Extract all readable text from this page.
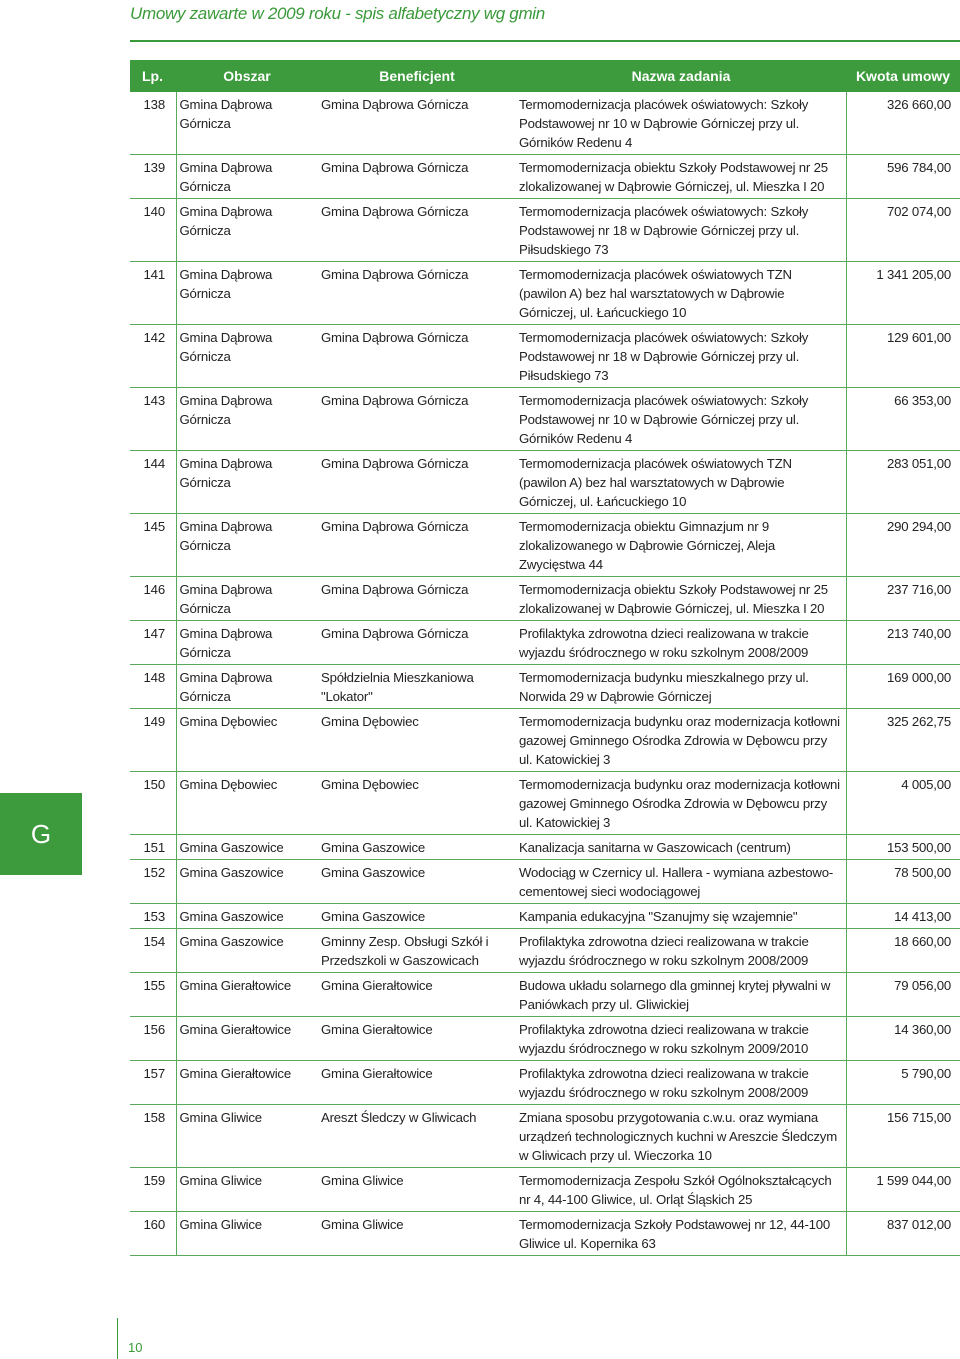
Umowy zawarte w 2009 roku - spis alfabetyczny wg gmin
Lp.	Obszar	Beneficjent	Nazwa zadania	Kwota umowy
138	Gmina Dąbrowa Górnicza	Gmina Dąbrowa Górnicza	Termomodernizacja placówek oświatowych: Szkoły Podstawowej nr 10 w Dąbrowie Górniczej przy ul. Górników Redenu 4	326 660,00
139	Gmina Dąbrowa Górnicza	Gmina Dąbrowa Górnicza	Termomodernizacja obiektu Szkoły Podstawowej nr 25 zlokalizowanej w Dąbrowie Górniczej, ul. Mieszka I 20	596 784,00
140	Gmina Dąbrowa Górnicza	Gmina Dąbrowa Górnicza	Termomodernizacja placówek oświatowych: Szkoły Podstawowej nr 18 w Dąbrowie Górniczej przy ul. Piłsudskiego 73	702 074,00
141	Gmina Dąbrowa Górnicza	Gmina Dąbrowa Górnicza	Termomodernizacja placówek oświatowych TZN (pawilon A) bez hal warsztatowych w Dąbrowie Górniczej, ul. Łańcuckiego 10	1 341 205,00
142	Gmina Dąbrowa Górnicza	Gmina Dąbrowa Górnicza	Termomodernizacja placówek oświatowych: Szkoły Podstawowej nr 18 w Dąbrowie Górniczej przy ul. Piłsudskiego 73	129 601,00
143	Gmina Dąbrowa Górnicza	Gmina Dąbrowa Górnicza	Termomodernizacja placówek oświatowych: Szkoły Podstawowej nr 10 w Dąbrowie Górniczej przy ul. Górników Redenu 4	66 353,00
144	Gmina Dąbrowa Górnicza	Gmina Dąbrowa Górnicza	Termomodernizacja placówek oświatowych TZN (pawilon A) bez hal warsztatowych w Dąbrowie Górniczej, ul. Łańcuckiego 10	283 051,00
145	Gmina Dąbrowa Górnicza	Gmina Dąbrowa Górnicza	Termomodernizacja obiektu Gimnazjum nr 9 zlokalizowanego w Dąbrowie Górniczej, Aleja Zwycięstwa 44	290 294,00
146	Gmina Dąbrowa Górnicza	Gmina Dąbrowa Górnicza	Termomodernizacja obiektu Szkoły Podstawowej nr 25 zlokalizowanej w Dąbrowie Górniczej, ul. Mieszka I 20	237 716,00
147	Gmina Dąbrowa Górnicza	Gmina Dąbrowa Górnicza	Profilaktyka zdrowotna dzieci realizowana w trakcie wyjazdu śródrocznego w roku szkolnym 2008/2009	213 740,00
148	Gmina Dąbrowa Górnicza	Spółdzielnia Mieszkaniowa "Lokator"	Termomodernizacja budynku mieszkalnego przy ul. Norwida 29 w Dąbrowie Górniczej	169 000,00
149	Gmina Dębowiec	Gmina Dębowiec	Termomodernizacja budynku oraz modernizacja kotłowni gazowej Gminnego Ośrodka Zdrowia w Dębowcu przy ul. Katowickiej 3	325 262,75
150	Gmina Dębowiec	Gmina Dębowiec	Termomodernizacja budynku oraz modernizacja kotłowni gazowej Gminnego Ośrodka Zdrowia w Dębowcu przy ul. Katowickiej 3	4 005,00
151	Gmina Gaszowice	Gmina Gaszowice	Kanalizacja sanitarna w Gaszowicach (centrum)	153 500,00
152	Gmina Gaszowice	Gmina Gaszowice	Wodociąg w Czernicy ul. Hallera - wymiana azbestowo-cementowej sieci wodociągowej	78 500,00
153	Gmina Gaszowice	Gmina Gaszowice	Kampania edukacyjna "Szanujmy się wzajemnie"	14 413,00
154	Gmina Gaszowice	Gminny Zesp. Obsługi Szkół i Przedszkoli w Gaszowicach	Profilaktyka zdrowotna dzieci realizowana w trakcie wyjazdu śródrocznego w roku szkolnym 2008/2009	18 660,00
155	Gmina Gierałtowice	Gmina Gierałtowice	Budowa układu solarnego dla gminnej krytej pływalni w Paniówkach przy ul. Gliwickiej	79 056,00
156	Gmina Gierałtowice	Gmina Gierałtowice	Profilaktyka zdrowotna dzieci realizowana w trakcie wyjazdu śródrocznego w roku szkolnym 2009/2010	14 360,00
157	Gmina Gierałtowice	Gmina Gierałtowice	Profilaktyka zdrowotna dzieci realizowana w trakcie wyjazdu śródrocznego w roku szkolnym 2008/2009	5 790,00
158	Gmina Gliwice	Areszt Śledczy w Gliwicach	Zmiana sposobu przygotowania c.w.u. oraz wymiana urządzeń technologicznych kuchni w Areszcie Śledczym w Gliwicach przy ul. Wieczorka 10	156 715,00
159	Gmina Gliwice	Gmina Gliwice	Termomodernizacja Zespołu Szkół Ogólnokształcących nr 4, 44-100 Gliwice, ul. Orląt Śląskich 25	1 599 044,00
160	Gmina Gliwice	Gmina Gliwice	Termomodernizacja Szkoły Podstawowej nr 12, 44-100 Gliwice ul. Kopernika 63	837 012,00
G
10
